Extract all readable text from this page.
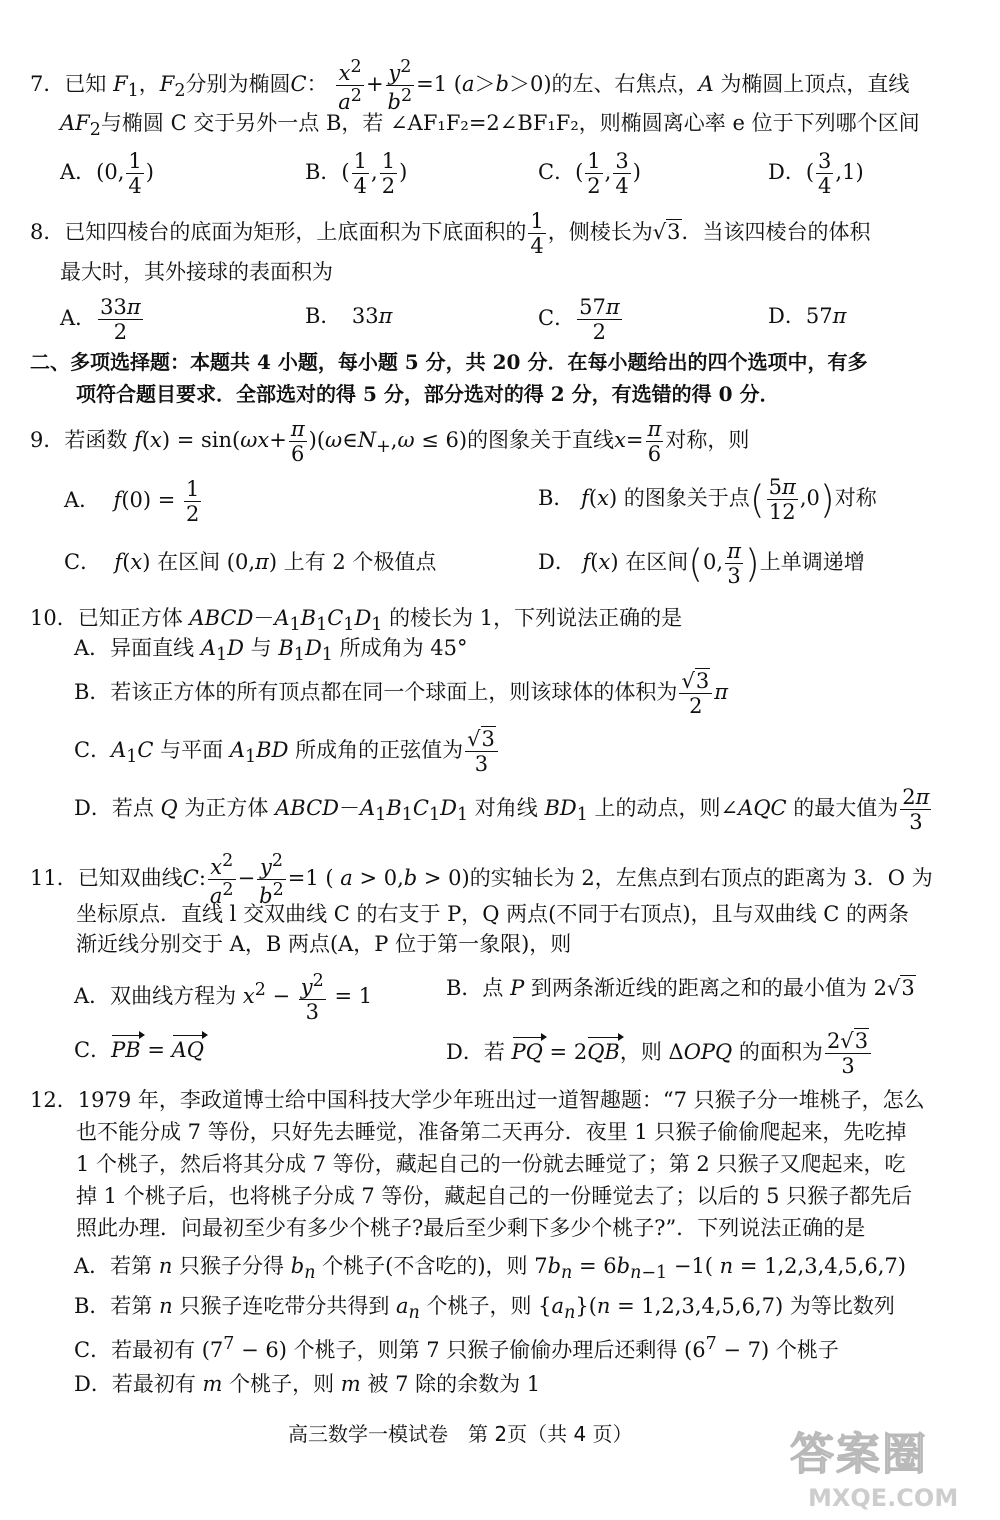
7．已知 $F_1$，$F_2$分别为椭圆C： $\frac{x^2}{a^2} + \frac{y^2}{b^2} =1$ (a＞b＞0)的左、右焦点，A 为椭圆上顶点，直线
$AF_2$与椭圆 C 交于另外一点 B，若 ∠AF₁F₂=2∠BF₁F₂，则椭圆离心率 e 位于下列哪个区间
A．(0, $\frac{1}{4}$ )	B．( $\frac{1}{4}$ , $\frac{1}{2}$ )	C．( $\frac{1}{2}$ , $\frac{3}{4}$ )	D．( $\frac{3}{4} ,1$)
8．已知四棱台的底面为矩形，上底面积为下底面积的 $\frac{1}{4}$ ，侧棱长为√3．当该四棱台的体积
最大时，其外接球的表面积为
A． $\frac{33\pi}{2}$	B．　33π	C． $\frac{57\pi}{2}$	D．57π
二、多项选择题：本题共 4 小题，每小题 5 分，共 20 分．在每小题给出的四个选项中，有多
项符合题目要求．全部选对的得 5 分，部分选对的得 2 分，有选错的得 0 分．
9．若函数 $f(x) = \sin(\omega x+ \frac{\pi}{6}$ )$(\omega\in N_+,\omega \le 6)$的图象关于直线$x= \frac{\pi}{6}$ 对称，则
A．  $f(0) = \frac{1}{2}$	B． f(x) 的图象关于点( $\frac{5\pi}{12} ,0$)对称
C．  f(x) 在区间 (0,π) 上有 2 个极值点	D． f(x) 在区间(0, $\frac{\pi}{3}$ )上单调递增
10．已知正方体 $ABCD-A_1B_1C_1D_1$ 的棱长为 1，下列说法正确的是
A．异面直线 $A_1D$ 与 $B_1D_1$ 所成角为 45°
B．若该正方体的所有顶点都在同一个球面上，则该球体的体积为 $\frac{√3}{2}$ π
C．$A_1C$ 与平面 $A_1BD$ 所成角的正弦值为 $\frac{√3}{3}$
D．若点 Q 为正方体 $ABCD-A_1B_1C_1D_1$ 对角线 $BD_1$ 上的动点，则∠AQC 的最大值为 $\frac{2\pi}{3}$
11．已知双曲线C: $\frac{x^2}{a^2} - \frac{y^2}{b^2} =1$ ( a > 0,b > 0)的实轴长为 2，左焦点到右顶点的距离为 3．O 为
坐标原点．直线 l 交双曲线 C 的右支于 P，Q 两点(不同于右顶点)，且与双曲线 C 的两条
渐近线分别交于 A，B 两点(A，P 位于第一象限)，则
A．双曲线方程为 $x^2 - \frac{y^2}{3} = 1$	B．点 P 到两条渐近线的距离之和的最小值为 2√3
C．PB = AQ	D．若 PQ = 2QB，则 ΔOPQ 的面积为 $\frac{2√3}{3}$
12．1979 年，李政道博士给中国科技大学少年班出过一道智趣题：“7 只猴子分一堆桃子，怎么
也不能分成 7 等份，只好先去睡觉，准备第二天再分．夜里 1 只猴子偷偷爬起来，先吃掉
1 个桃子，然后将其分成 7 等份，藏起自己的一份就去睡觉了；第 2 只猴子又爬起来，吃
掉 1 个桃子后，也将桃子分成 7 等份，藏起自己的一份睡觉去了；以后的 5 只猴子都先后
照此办理．问最初至少有多少个桃子?最后至少剩下多少个桃子?”．下列说法正确的是
A．若第 n 只猴子分得 $b_n$ 个桃子(不含吃的)，则 $7b_n = 6b_{n-1} -1$( n = 1,2,3,4,5,6,7)
B．若第 n 只猴子连吃带分共得到 $a_n$ 个桃子，则 $\{a_n\}(n = 1,2,3,4,5,6,7)$ 为等比数列
C．若最初有 $(7^7 - 6)$ 个桃子，则第 7 只猴子偷偷办理后还剩得 $(6^7 - 7)$ 个桃子
D．若最初有 m 个桃子，则 m 被 7 除的余数为 1
高三数学一模试卷　第 2页（共 4 页）	答案圈
MXQE.COM
